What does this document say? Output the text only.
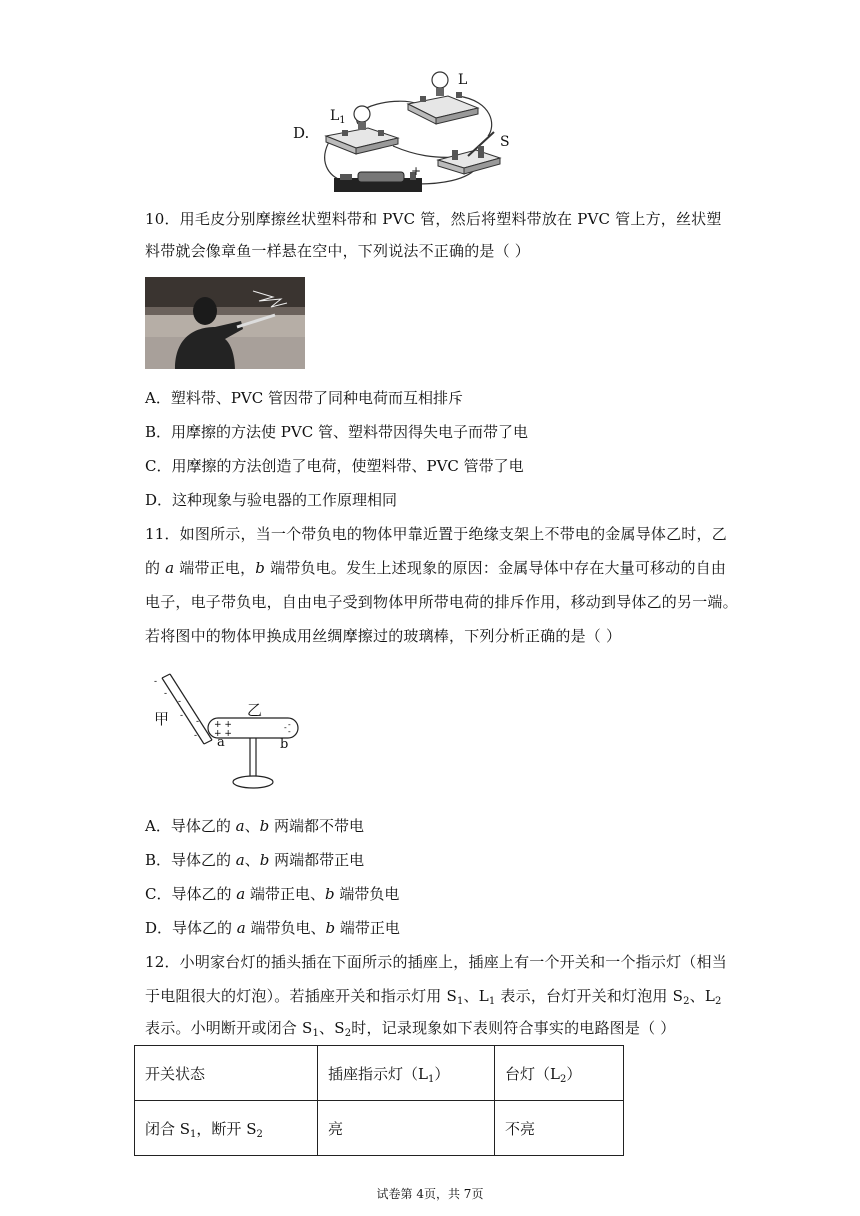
D.
L
$L_1$
S
+
10．用毛皮分别摩擦丝状塑料带和 PVC 管，然后将塑料带放在 PVC 管上方，丝状塑
料带就会像章鱼一样悬在空中，下列说法不正确的是（ ）
A．塑料带、PVC 管因带了同种电荷而互相排斥
B．用摩擦的方法使 PVC 管、塑料带因得失电子而带了电
C．用摩擦的方法创造了电荷，使塑料带、PVC 管带了电
D．这种现象与验电器的工作原理相同
11．如图所示，当一个带负电的物体甲靠近置于绝缘支架上不带电的金属导体乙时，乙
的 a 端带正电，b 端带负电。发生上述现象的原因：金属导体中存在大量可移动的自由
电子，电子带负电，自由电子受到物体甲所带电荷的排斥作用，移动到导体乙的另一端。
若将图中的物体甲换成用丝绸摩擦过的玻璃棒，下列分析正确的是（ ）
-
-
-
-
-
-
+ +
+ +
-
-
-
甲	乙
a	b
A．导体乙的 a、b 两端都不带电
B．导体乙的 a、b 两端都带正电
C．导体乙的 a 端带正电、b 端带负电
D．导体乙的 a 端带负电、b 端带正电
12．小明家台灯的插头插在下面所示的插座上，插座上有一个开关和一个指示灯（相当
于电阻很大的灯泡）。若插座开关和指示灯用 $S_1$、$L_1$ 表示，台灯开关和灯泡用 $S_2$、$L_2$
表示。小明断开或闭合 $S_1$、$S_2$时，记录现象如下表则符合事实的电路图是（ ）
开关状态	插座指示灯$(L_1)$	台灯$(L_2)$
闭合 $S_1$，断开 $S_2$	亮	不亮
试卷第 4页，共 7页
